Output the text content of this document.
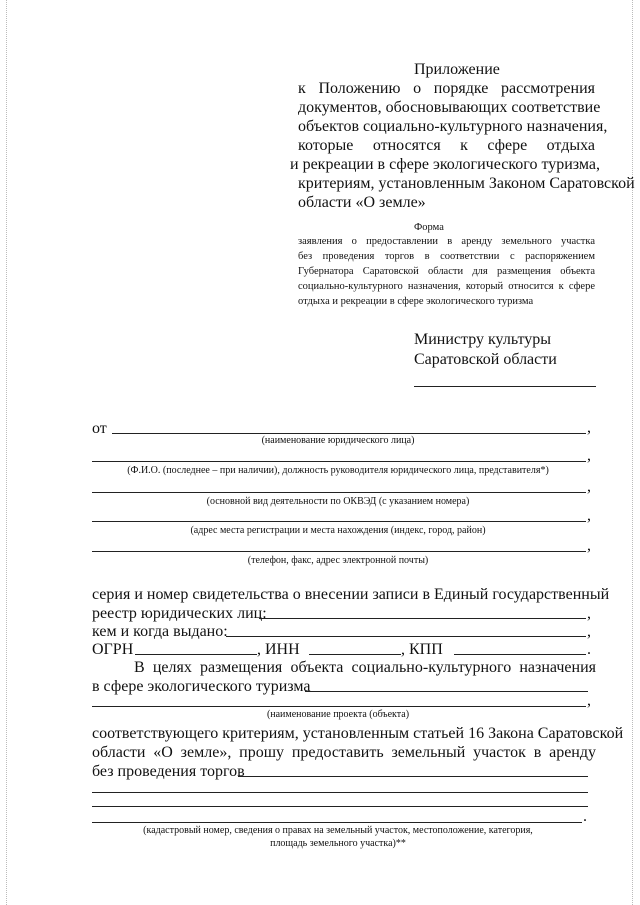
Приложение
к Положению о порядке рассмотрения
документов, обосновывающих соответствие
объектов социально-культурного назначения,
которые относятся к сфере отдыха
и рекреации в сфере экологического туризма,
критериям, установленным Законом Саратовской
области «О земле»
Форма
заявления о предоставлении в аренду земельного участка
без проведения торгов в соответствии с распоряжением
Губернатора Саратовской области для размещения объекта
социально-культурного назначения, который относится к сфере
отдыха и рекреации в сфере экологического туризма
Министру культуры
Саратовской области
от	,
(наименование юридического лица)
,
(Ф.И.О. (последнее – при наличии), должность руководителя юридического лица, представителя*)
,
(основной вид деятельности по ОКВЭД (с указанием номера)
,
(адрес места регистрации и места нахождения (индекс, город, район)
,
(телефон, факс, адрес электронной почты)
серия и номер свидетельства о внесении записи в Единый государственный
реестр юридических лиц:	,
кем и когда выдано:	,
ОГРН	, ИНН	, КПП	.
В целях размещения объекта социально-культурного назначения
в сфере экологического туризма
,
(наименование проекта (объекта)
соответствующего критериям, установленным статьей 16 Закона Саратовской
области «О земле», прошу предоставить земельный участок в аренду
без проведения торгов
.
(кадастровый номер, сведения о правах на земельный участок, местоположение, категория,
площадь земельного участка)**
